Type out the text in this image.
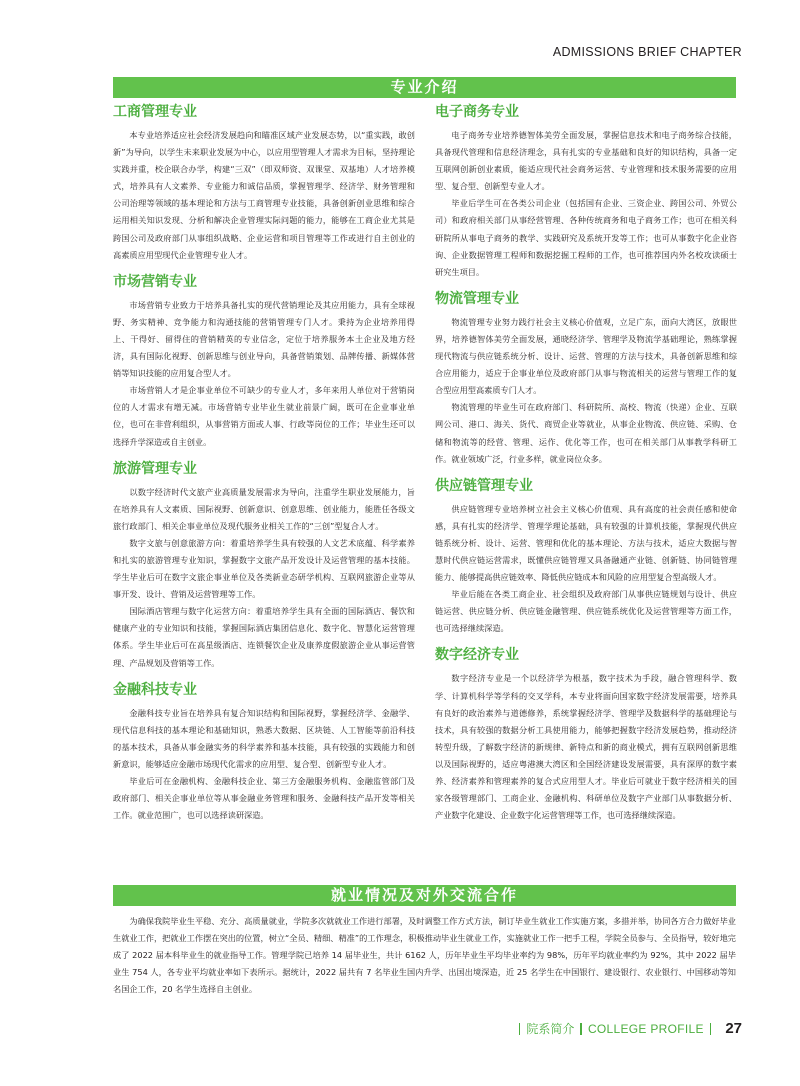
ADMISSIONS BRIEF CHAPTER
专业介绍
工商管理专业

本专业培养适应社会经济发展趋向和瞄准区域产业发展态势，以“重实践，敢创新”为导向，以学生未来职业发展为中心，以应用型管理人才需求为目标，坚持理论实践并重，校企联合办学，构建“三双”（即双师资、双课堂、双基地）人才培养模式，培养具有人文素养、专业能力和诚信品质，掌握管理学、经济学、财务管理和公司治理等领域的基本理论和方法与工商管理专业技能，具备创新创业思维和综合运用相关知识发现、分析和解决企业管理实际问题的能力，能够在工商企业尤其是跨国公司及政府部门从事组织战略、企业运营和项目管理等工作或进行自主创业的高素质应用型现代企业管理专业人才。

市场营销专业

市场营销专业致力于培养具备扎实的现代营销理论及其应用能力，具有全球视野、务实精神、竞争能力和沟通技能的营销管理专门人才。秉持为企业培养用得上、干得好、留得住的营销精英的专业信念，定位于培养服务本土企业及地方经济，具有国际化视野、创新思维与创业导向，具备营销策划、品牌传播、新媒体营销等知识技能的应用复合型人才。

市场营销人才是企事业单位不可缺少的专业人才，多年来用人单位对于营销岗位的人才需求有增无减。市场营销专业毕业生就业前景广阔，既可在企业事业单位，也可在非营利组织，从事营销方面或人事、行政等岗位的工作；毕业生还可以选择升学深造或自主创业。

旅游管理专业

以数字经济时代文旅产业高质量发展需求为导向，注重学生职业发展能力，旨在培养具有人文素质、国际视野、创新意识、创意思维、创业能力，能胜任各级文旅行政部门、相关企事业单位及现代服务业相关工作的“三创”型复合人才。

数字文旅与创意旅游方向：着重培养学生具有较强的人文艺术底蕴、科学素养和扎实的旅游管理专业知识，掌握数字文旅产品开发设计及运营管理的基本技能。学生毕业后可在数字文旅企事业单位及各类新业态研学机构、互联网旅游企业等从事开发、设计、营销及运营管理等工作。

国际酒店管理与数字化运营方向：着重培养学生具有全面的国际酒店、餐饮和健康产业的专业知识和技能，掌握国际酒店集团信息化、数字化、智慧化运营管理体系。学生毕业后可在高星级酒店、连锁餐饮企业及康养度假旅游企业从事运营管理、产品规划及营销等工作。

金融科技专业

金融科技专业旨在培养具有复合知识结构和国际视野，掌握经济学、金融学、现代信息科技的基本理论和基础知识，熟悉大数据、区块链、人工智能等前沿科技的基本技术，具备从事金融实务的科学素养和基本技能，具有较强的实践能力和创新意识，能够适应金融市场现代化需求的应用型、复合型、创新型专业人才。

毕业后可在金融机构、金融科技企业、第三方金融服务机构、金融监管部门及政府部门、相关企事业单位等从事金融业务管理和服务、金融科技产品开发等相关工作。就业范围广，也可以选择读研深造。

电子商务专业

电子商务专业培养德智体美劳全面发展，掌握信息技术和电子商务综合技能，具备现代管理和信息经济理念，具有扎实的专业基础和良好的知识结构，具备一定互联网创新创业素质，能适应现代社会商务运营、专业管理和技术服务需要的应用型、复合型、创新型专业人才。

毕业后学生可在各类公司企业（包括国有企业、三资企业、跨国公司、外贸公司）和政府相关部门从事经营管理、各种传统商务和电子商务工作；也可在相关科研院所从事电子商务的教学、实践研究及系统开发等工作；也可从事数字化企业咨询、企业数据管理工程师和数据挖掘工程师的工作，也可推荐国内外名校攻读硕士研究生项目。

物流管理专业

物流管理专业努力践行社会主义核心价值观，立足广东，面向大湾区，放眼世界，培养德智体美劳全面发展，通晓经济学、管理学及物流学基础理论，熟练掌握现代物流与供应链系统分析、设计、运营、管理的方法与技术，具备创新思维和综合应用能力，适应于企事业单位及政府部门从事与物流相关的运营与管理工作的复合型应用型高素质专门人才。

物流管理的毕业生可在政府部门、科研院所、高校、物流（快递）企业、互联网公司、港口、海关、货代、商贸企业等就业，从事企业物流、供应链、采购、仓储和物流等的经营、管理、运作、优化等工作，也可在相关部门从事教学科研工作。就业领域广泛，行业多样，就业岗位众多。

供应链管理专业

供应链管理专业培养树立社会主义核心价值观、具有高度的社会责任感和使命感，具有扎实的经济学、管理学理论基础，具有较强的计算机技能，掌握现代供应链系统分析、设计、运营、管理和优化的基本理论、方法与技术，适应大数据与智慧时代供应链运营需求，既懂供应链管理又具备融通产业链、创新链、协同链管理能力、能够提高供应链效率、降低供应链成本和风险的应用型复合型高级人才。

毕业后能在各类工商企业、社会组织及政府部门从事供应链规划与设计、供应链运营、供应链分析、供应链金融管理、供应链系统优化及运营管理等方面工作，也可选择继续深造。

数字经济专业

数字经济专业是一个以经济学为根基，数字技术为手段，融合管理科学、数学、计算机科学等学科的交叉学科，本专业将面向国家数字经济发展需要，培养具有良好的政治素养与道德修养，系统掌握经济学、管理学及数据科学的基础理论与技术，具有较强的数据分析工具使用能力，能够把握数字经济发展趋势，推动经济转型升级，了解数字经济的新规律、新特点和新的商业模式，拥有互联网创新思维以及国际视野的，适应粤港澳大湾区和全国经济建设发展需要，具有深厚的数字素养、经济素养和管理素养的复合式应用型人才。毕业后可就业于数字经济相关的国家各级管理部门、工商企业、金融机构、科研单位及数字产业部门从事数据分析、产业数字化建设、企业数字化运营管理等工作，也可选择继续深造。

就业情况及对外交流合作

为确保我院毕业生平稳、充分、高质量就业，学院多次就就业工作进行部署，及时调整工作方式方法，制订毕业生就业工作实施方案，多措并举，协同各方合力做好毕业生就业工作，把就业工作摆在突出的位置，树立“全员、精细、精准”的工作理念，积极推动毕业生就业工作，实施就业工作一把手工程，学院全员参与、全员指导，较好地完成了 2022 届本科毕业生的就业指导工作。管理学院已培养 14 届毕业生，共计 6162 人，历年毕业生平均毕业率约为 98%，历年平均就业率约为 92%，其中 2022 届毕业生 754 人，各专业平均就业率如下表所示。据统计，2022 届共有 7 名毕业生国内升学、出国出境深造，近 25 名学生在中国银行、建设银行、农业银行、中国移动等知名国企工作，20 名学生选择自主创业。

院系简介 COLLEGE PROFILE 27
